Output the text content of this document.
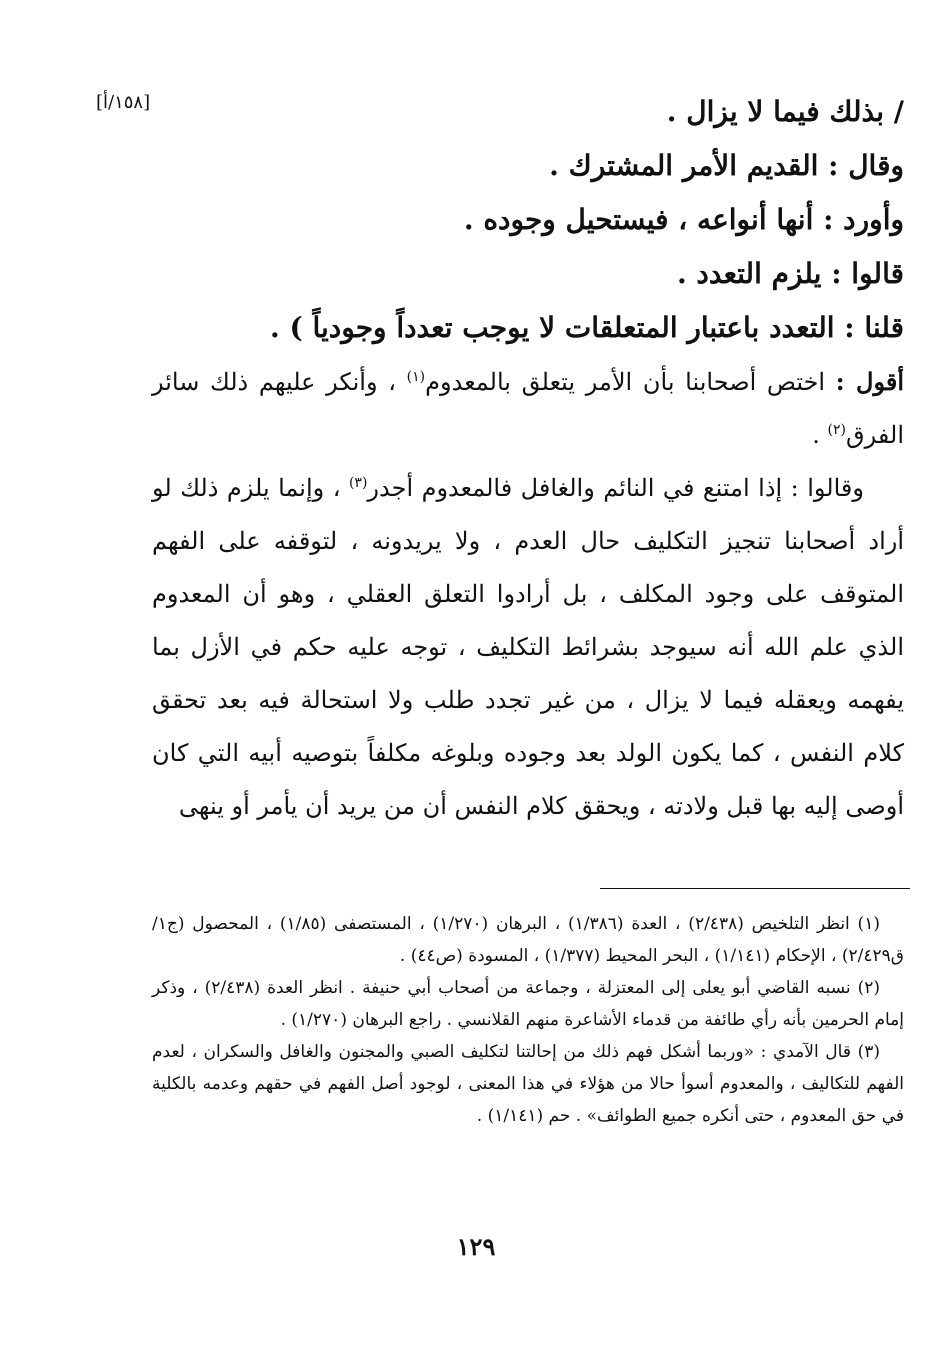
[١٥٨/أ]	/ بذلك فيما لا يزال .

وقال : القديم الأمر المشترك .

وأورد : أنها أنواعه ، فيستحيل وجوده .

قالوا : يلزم التعدد .

قلنا : التعدد باعتبار المتعلقات لا يوجب تعدداً وجودياً ) .

أقول : اختص أصحابنا بأن الأمر يتعلق بالمعدوم$^{(١)}$ ، وأنكر عليهم ذلك سائر الفرق$^{(٢)}$ .

وقالوا : إذا امتنع في النائم والغافل فالمعدوم أجدر$^{(٣)}$ ، وإنما يلزم ذلك لو أراد أصحابنا تنجيز التكليف حال العدم ، ولا يريدونه ، لتوقفه على الفهم المتوقف على وجود المكلف ، بل أرادوا التعلق العقلي ، وهو أن المعدوم الذي علم الله أنه سيوجد بشرائط التكليف ، توجه عليه حكم في الأزل بما يفهمه ويعقله فيما لا يزال ، من غير تجدد طلب ولا استحالة فيه بعد تحقق كلام النفس ، كما يكون الولد بعد وجوده وبلوغه مكلفاً بتوصيه أبيه التي كان أوصى إليه بها قبل ولادته ، ويحقق كلام النفس أن من يريد أن يأمر أو ينهى

(١) انظر التلخيص (٢/٤٣٨) ، العدة (١/٣٨٦) ، البرهان (١/٢٧٠) ، المستصفى (١/٨٥) ، المحصول (ج١/ق٢/٤٢٩) ، الإحكام (١/١٤١) ، البحر المحيط (١/٣٧٧) ، المسودة (ص٤٤) .

(٢) نسبه القاضي أبو يعلى إلى المعتزلة ، وجماعة من أصحاب أبي حنيفة . انظر العدة (٢/٤٣٨) ، وذكر إمام الحرمين بأنه رأي طائفة من قدماء الأشاعرة منهم القلانسي . راجع البرهان (١/٢٧٠) .

(٣) قال الآمدي : «وربما أشكل فهم ذلك من إحالتنا لتكليف الصبي والمجنون والغافل والسكران ، لعدم الفهم للتكاليف ، والمعدوم أسوأ حالا من هؤلاء في هذا المعنى ، لوجود أصل الفهم في حقهم وعدمه بالكلية في حق المعدوم ، حتى أنكره جميع الطوائف» . حم (١/١٤١) .

١٢٩
